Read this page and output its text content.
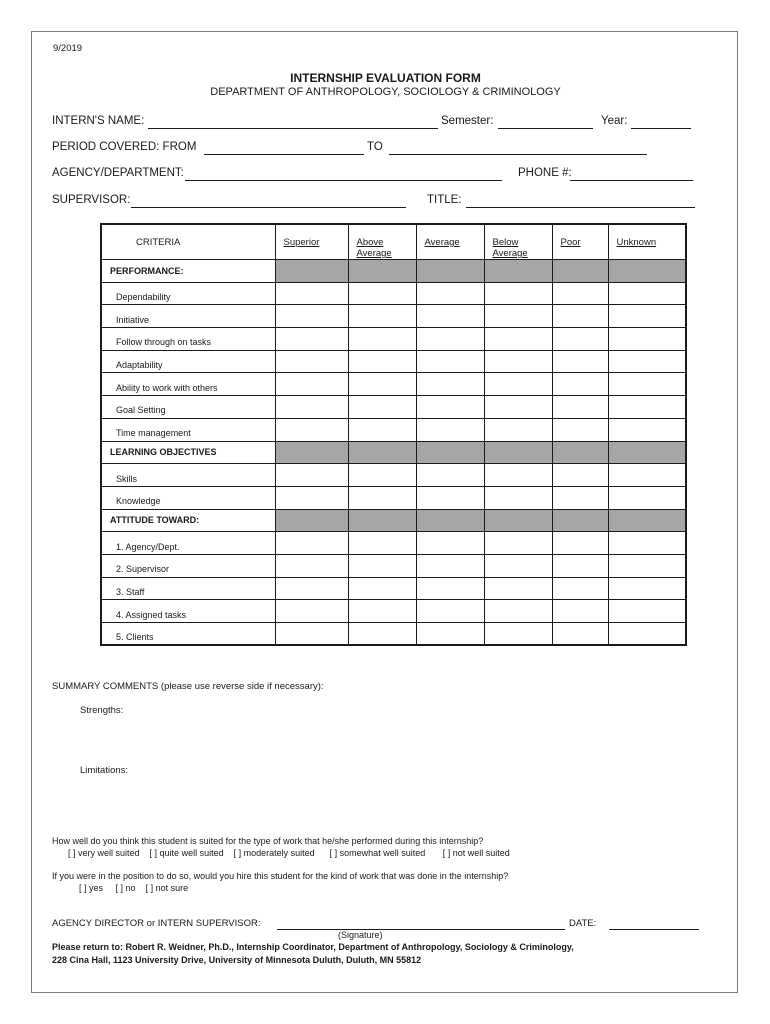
9/2019
INTERNSHIP EVALUATION FORM
DEPARTMENT OF ANTHROPOLOGY, SOCIOLOGY & CRIMINOLOGY
INTERN'S NAME:	Semester:	Year:
PERIOD COVERED: FROM	TO
AGENCY/DEPARTMENT:	PHONE #:
SUPERVISOR:	TITLE:
CRITERIA	Superior	Above Average	Average	Below Average	Poor	Unknown
PERFORMANCE:						
Dependability						
Initiative						
Follow through on tasks						
Adaptability						
Ability to work with others						
Goal Setting						
Time management						
LEARNING OBJECTIVES						
Skills						
Knowledge						
ATTITUDE TOWARD:						
1. Agency/Dept.						
2. Supervisor						
3. Staff						
4. Assigned tasks						
5. Clients						
SUMMARY COMMENTS (please use reverse side if necessary):
Strengths:
Limitations:
How well do you think this student is suited for the type of work that he/she performed during this internship?
[ ] very well suited [ ] quite well suited [ ] moderately suited [ ] somewhat well suited [ ] not well suited
If you were in the position to do so, would you hire this student for the kind of work that was done in the internship?
[ ] yes [ ] no [ ] not sure
AGENCY DIRECTOR or INTERN SUPERVISOR:
(Signature)
DATE:
Please return to: Robert R. Weidner, Ph.D., Internship Coordinator, Department of Anthropology, Sociology & Criminology,
228 Cina Hall, 1123 University Drive, University of Minnesota Duluth, Duluth, MN 55812
